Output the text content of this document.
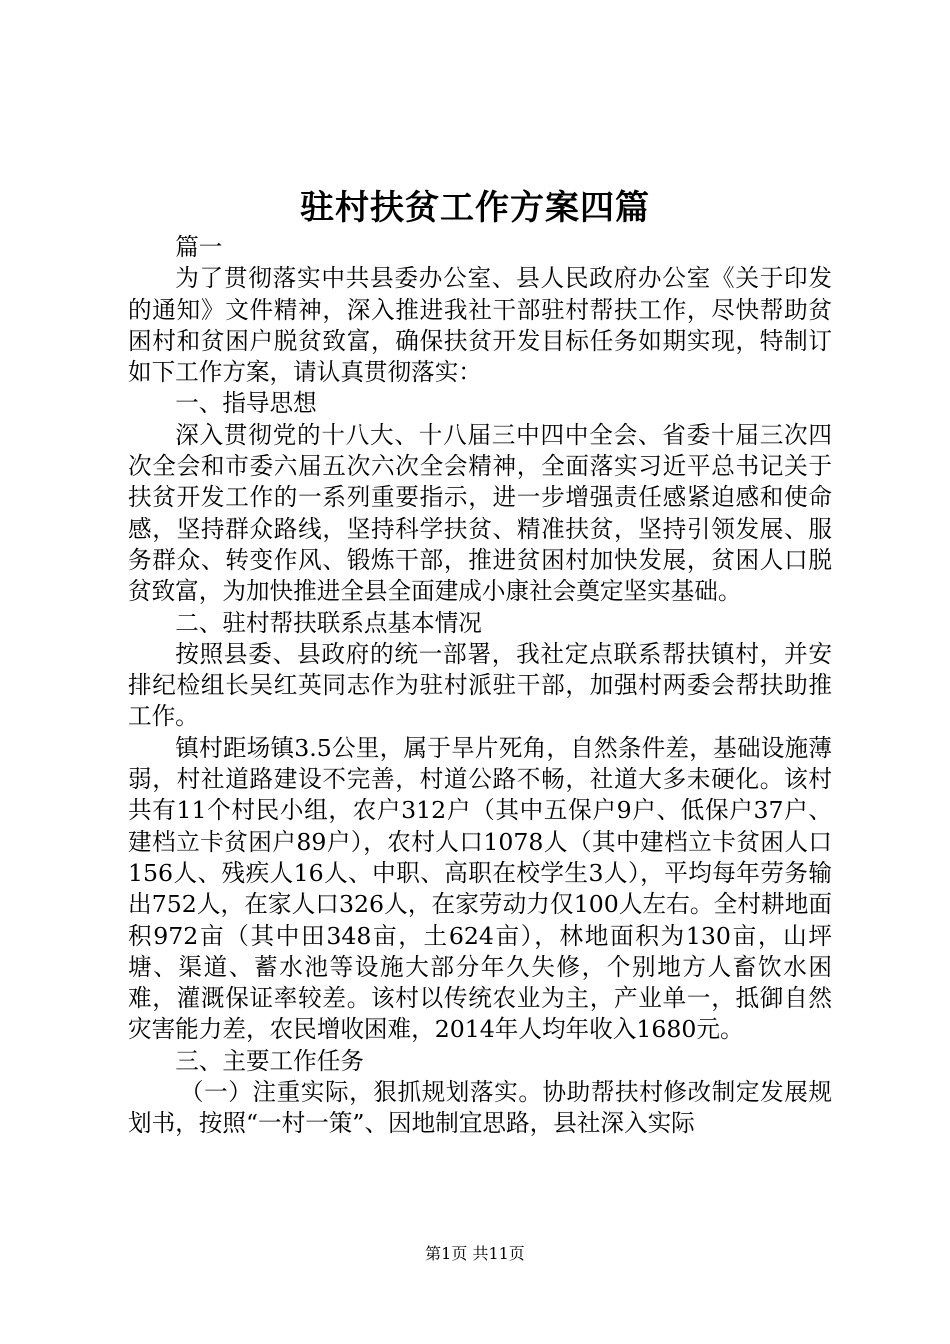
驻村扶贫工作方案四篇

篇一

为了贯彻落实中共县委办公室、县人民政府办公室《关于印发的通知》文件精神，深入推进我社干部驻村帮扶工作，尽快帮助贫困村和贫困户脱贫致富，确保扶贫开发目标任务如期实现，特制订如下工作方案，请认真贯彻落实：

一、指导思想

深入贯彻党的十八大、十八届三中四中全会、省委十届三次四次全会和市委六届五次六次全会精神，全面落实习近平总书记关于扶贫开发工作的一系列重要指示，进一步增强责任感紧迫感和使命感，坚持群众路线，坚持科学扶贫、精准扶贫，坚持引领发展、服务群众、转变作风、锻炼干部，推进贫困村加快发展，贫困人口脱贫致富，为加快推进全县全面建成小康社会奠定坚实基础。

二、驻村帮扶联系点基本情况

按照县委、县政府的统一部署，我社定点联系帮扶镇村，并安排纪检组长吴红英同志作为驻村派驻干部，加强村两委会帮扶助推工作。

镇村距场镇3.5公里，属于旱片死角，自然条件差，基础设施薄弱，村社道路建设不完善，村道公路不畅，社道大多未硬化。该村共有11个村民小组，农户312户（其中五保户9户、低保户37户、建档立卡贫困户89户），农村人口1078人（其中建档立卡贫困人口156人、残疾人16人、中职、高职在校学生3人），平均每年劳务输出752人，在家人口326人，在家劳动力仅100人左右。全村耕地面积972亩（其中田348亩，土624亩），林地面积为130亩，山坪塘、渠道、蓄水池等设施大部分年久失修，个别地方人畜饮水困难，灌溉保证率较差。该村以传统农业为主，产业单一，抵御自然灾害能力差，农民增收困难，2014年人均年收入1680元。

三、主要工作任务

（一）注重实际，狠抓规划落实。协助帮扶村修改制定发展规划书，按照“一村一策”、因地制宜思路，县社深入实际

第1页 共11页
